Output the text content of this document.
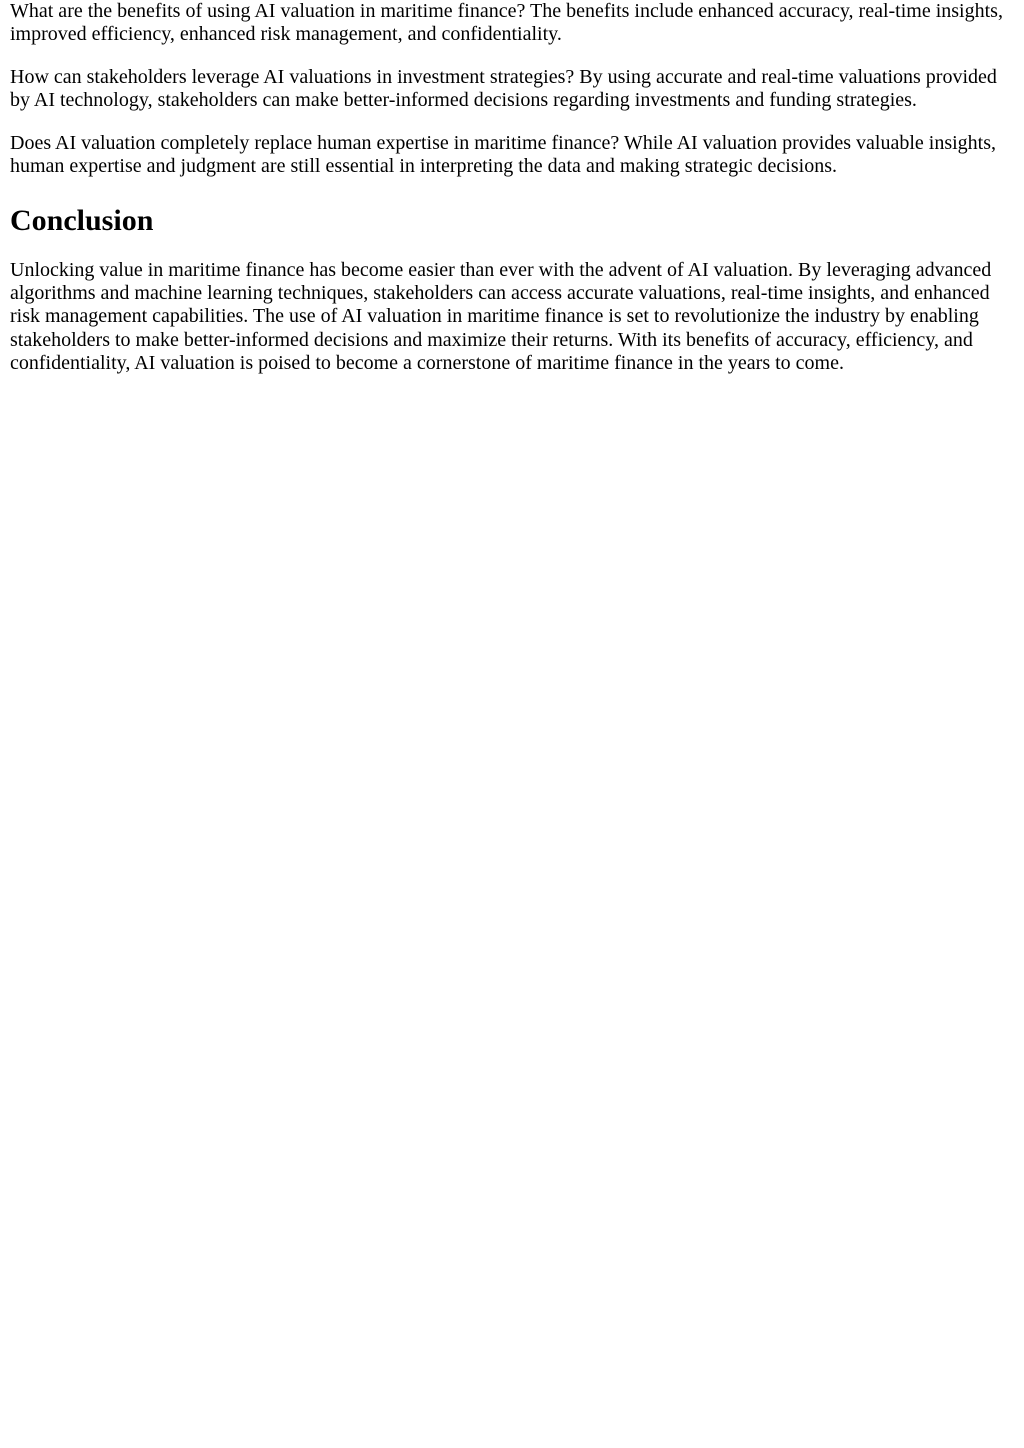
What are the benefits of using AI valuation in maritime finance? The benefits include enhanced accuracy, real-time insights, improved efficiency, enhanced risk management, and confidentiality.

How can stakeholders leverage AI valuations in investment strategies? By using accurate and real-time valuations provided by AI technology, stakeholders can make better-informed decisions regarding investments and funding strategies.

Does AI valuation completely replace human expertise in maritime finance? While AI valuation provides valuable insights, human expertise and judgment are still essential in interpreting the data and making strategic decisions.

Conclusion

Unlocking value in maritime finance has become easier than ever with the advent of AI valuation. By leveraging advanced algorithms and machine learning techniques, stakeholders can access accurate valuations, real-time insights, and enhanced risk management capabilities. The use of AI valuation in maritime finance is set to revolutionize the industry by enabling stakeholders to make better-informed decisions and maximize their returns. With its benefits of accuracy, efficiency, and confidentiality, AI valuation is poised to become a cornerstone of maritime finance in the years to come.
